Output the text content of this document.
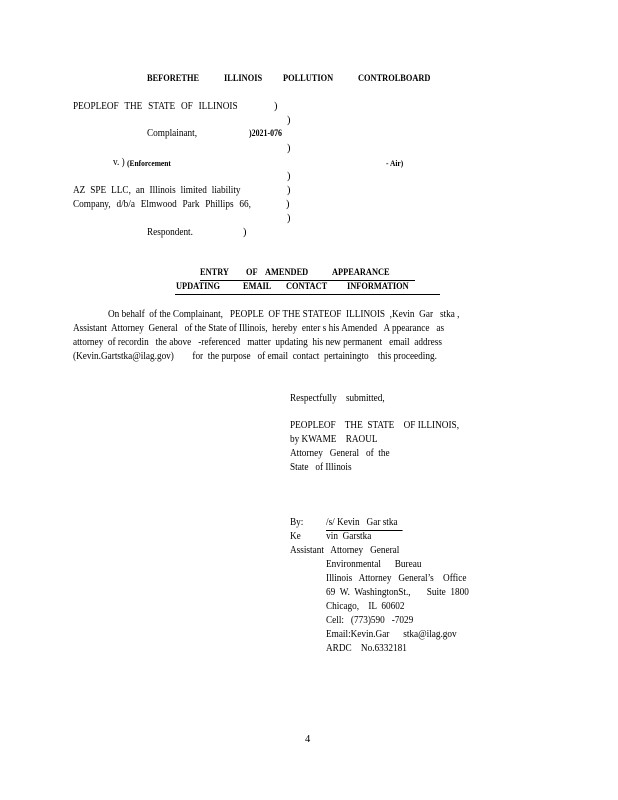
BEFORETHE	ILLINOIS POLLUTION	CONTROLBOARD
PEOPLEOF THE STATE OF ILLINOIS	)
)
Complainant,	)2021-076
)
v. ) (Enforcement	- Air)
)
AZ SPE LLC, an Illinois limited liability	)
Company, d/b/a Elmwood Park Phillips 66,	)
)
Respondent.	)
ENTRY OF AMENDED	APPEARANCE
UPDATING EMAIL CONTACT INFORMATION
On behalf  of the Complainant,   PEOPLE  OF THE STATEOF  ILLINOIS  ,Kevin  Gar   stka ,
Assistant  Attorney  General   of the State of Illinois,  hereby  enter s his Amended   A ppearance   as
attorney  of recordin   the above   -referenced   matter  updating  his new permanent   email  address
(Kevin.Gartstka@ilag.gov)        for  the purpose   of email  contact  pertainingto    this proceeding.
Respectfully    submitted,
PEOPLEOF    THE  STATE    OF ILLINOIS,
by KWAME    RAOUL
Attorney   General   of  the
State   of Illinois
By: /s/ Kevin   Gar stka
Ke           vin  Garstka
Assistant   Attorney   General
Environmental      Bureau
Illinois   Attorney   General’s    Office
69  W.  WashingtonSt.,       Suite  1800
Chicago,    IL  60602
Cell:   (773)590   -7029
Email:Kevin.Gar      stka@ilag.gov
ARDC    No.6332181
4
